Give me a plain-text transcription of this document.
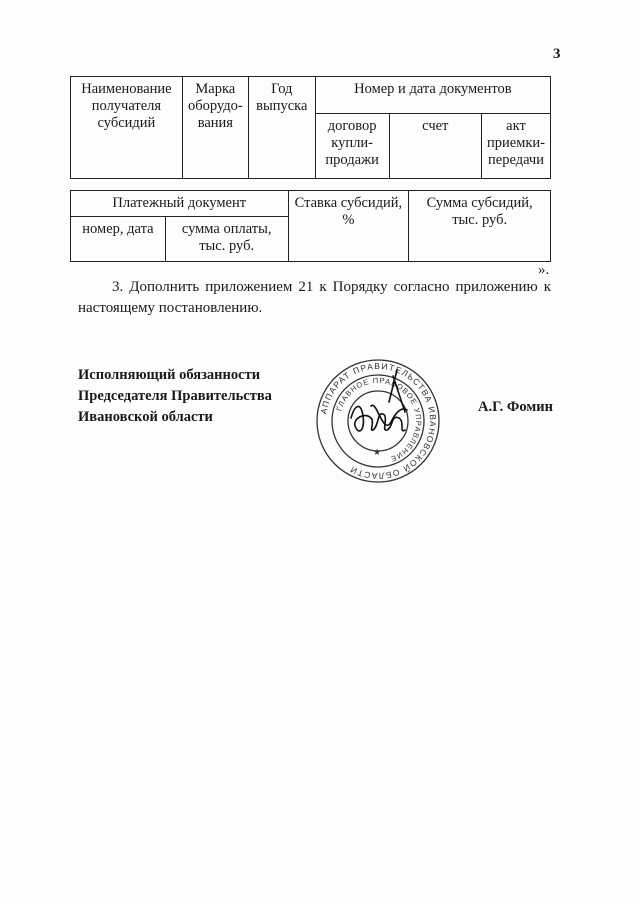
3
Наименование получателя субсидий	Марка оборудо-вания	Год выпуска	Номер и дата документов		
			договор купли-продажи	счет	акт приемки-передачи
Платежный документ		Ставка субсидий, %	Сумма субсидий, тыс. руб.
номер, дата	сумма оплаты, тыс. руб.		
».
3. Дополнить приложением 21 к Порядку согласно приложению к настоящему постановлению.
Исполняющий обязанности
Председателя Правительства
Ивановской области	АППАРАТ ПРАВИТЕЛЬСТВА ИВАНОВСКОЙ ОБЛАСТИ
ГЛАВНОЕ ПРАВОВОЕ УПРАВЛЕНИЕ
★
А.Г. Фомин
